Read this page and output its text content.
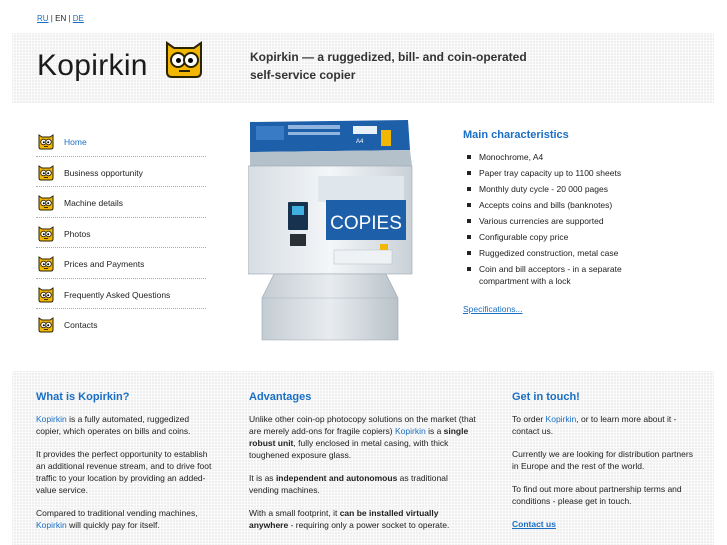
RU | EN | DE
Kopirkin	Kopirkin — a ruggedized, bill- and coin-operated self-service copier
Home
Business opportunity
Machine details
Photos
Prices and Payments
Frequently Asked Questions
Contacts
A4
COPIES
Main characteristics
Monochrome, A4
Paper tray capacity up to 1100 sheets
Monthly duty cycle - 20 000 pages
Accepts coins and bills (banknotes)
Various currencies are supported
Configurable copy price
Ruggedized construction, metal case
Coin and bill acceptors - in a separate compartment with a lock
Specifications...
What is Kopirkin?

Kopirkin is a fully automated, ruggedized copier, which operates on bills and coins.

It provides the perfect opportunity to establish an additional revenue stream, and to drive foot traffic to your location by providing an added-value service.

Compared to traditional vending machines, Kopirkin will quickly pay for itself.

Advantages

Unlike other coin-op photocopy solutions on the market (that are merely add-ons for fragile copiers) Kopirkin is a single robust unit, fully enclosed in metal casing, with thick toughened exposure glass.

It is as independent and autonomous as traditional vending machines.

With a small footprint, it can be installed virtually anywhere - requiring only a power socket to operate.

Get in touch!

To order Kopirkin, or to learn more about it - contact us.

Currently we are looking for distribution partners in Europe and the rest of the world.

To find out more about partnership terms and conditions - please get in touch.

Contact us
